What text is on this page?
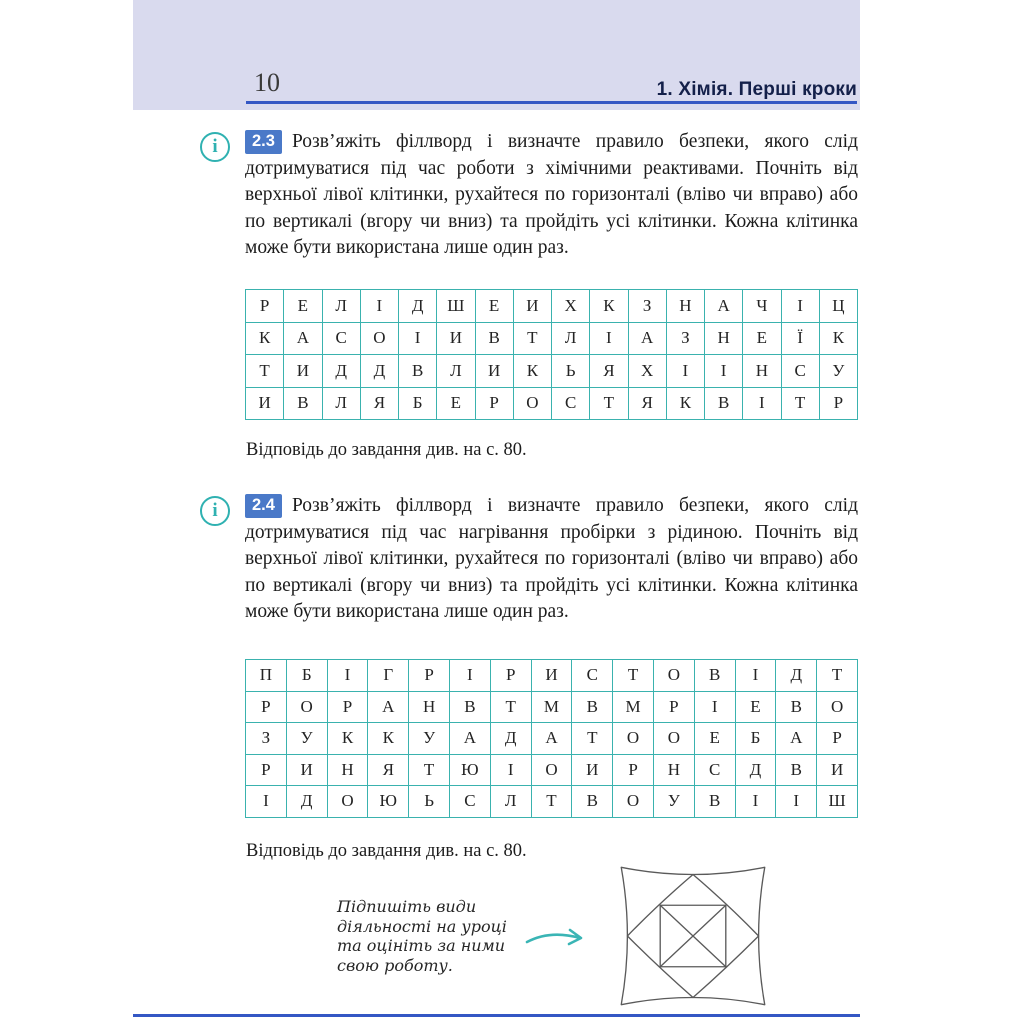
10	1. Хімія. Перші кроки
i	2.3 Розв’яжіть філлворд і визначте правило безпеки, якого слід дотримуватися під час роботи з хімічними реактивами. Почніть від верхньої лівої клітинки, рухайтеся по горизонталі (вліво чи вправо) або по вертикалі (вгору чи вниз) та пройдіть усі клітинки. Кожна клітинка може бути використана лише один раз.

Р	Е	Л	І	Д	Ш	Е	И	Х	К	З	Н	А	Ч	І	Ц
К	А	С	О	І	И	В	Т	Л	І	А	З	Н	Е	Ї	К
Т	И	Д	Д	В	Л	И	К	Ь	Я	Х	І	І	Н	С	У
И	В	Л	Я	Б	Е	Р	О	С	Т	Я	К	В	І	Т	Р

Відповідь до завдання див. на с. 80.

i	2.4 Розв’яжіть філлворд і визначте правило безпеки, якого слід дотримуватися під час нагрівання пробірки з рідиною. Почніть від верхньої лівої клітинки, рухайтеся по горизонталі (вліво чи вправо) або по вертикалі (вгору чи вниз) та пройдіть усі клітинки. Кожна клітинка може бути використана лише один раз.

П	Б	І	Г	Р	І	Р	И	С	Т	О	В	І	Д	Т
Р	О	Р	А	Н	В	Т	М	В	М	Р	І	Е	В	О
З	У	К	К	У	А	Д	А	Т	О	О	Е	Б	А	Р
Р	И	Н	Я	Т	Ю	І	О	И	Р	Н	С	Д	В	И
І	Д	О	Ю	Ь	С	Л	Т	В	О	У	В	І	І	Ш

Відповідь до завдання див. на с. 80.

Підпишіть види
діяльності на уроці
та оцініть за ними
свою роботу.
